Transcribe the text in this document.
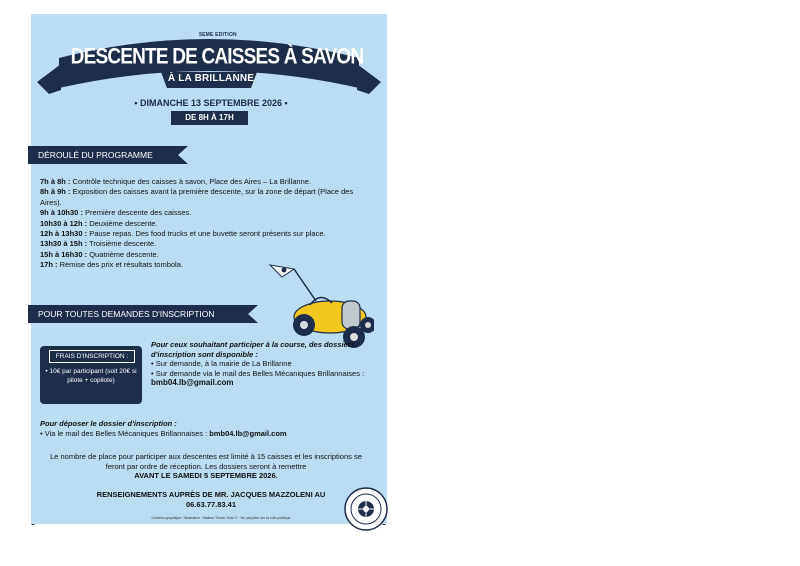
5EME EDITION
DESCENTE DE CAISSES À SAVON
À LA BRILLANNE
• DIMANCHE 13 SEPTEMBRE 2026 •
DE 8H À 17H
DÉROULÉ DU PROGRAMME
7h à 8h : Contrôle technique des caisses à savon, Place des Aires – La Brillanne.
8h à 9h : Exposition des caisses avant la première descente, sur la zone de départ (Place des Aires).
9h à 10h30 : Première descente des caisses.
10h30 à 12h : Deuxième descente.
12h à 13h30 : Pause repas. Des food trucks et une buvette seront présents sur place.
13h30 à 15h : Troisième descente.
15h à 16h30 : Quatrième descente.
17h : Remise des prix et résultats tombola.
POUR TOUTES DEMANDES D'INSCRIPTION
FRAIS D'INSCRIPTION :
• 10€ par participant (soit 20€ si pilote + copilote)
Pour ceux souhaitant participer à la course, des dossiers d'inscription sont disponible :
• Sur demande, à la mairie de La Brillanne
• Sur demande via le mail des Belles Mécaniques Brillannaises :
bmb04.lb@gmail.com
Pour déposer le dossier d'inscription :
• Via le mail des Belles Mécaniques Brillannaises : bmb04.lb@gmail.com
Le nombre de place pour participer aux descentes est limité à 15 caisses et les inscriptions se feront par ordre de réception. Les dossiers seront à remettre
AVANT LE SAMEDI 5 SEPTEMBRE 2026.
RENSEIGNEMENTS AUPRÈS DE MR. JACQUES MAZZOLENI AU
06.63.77.83.41
Création graphique / illustration : Maison Trente-Trois © · Ne pas jeter sur la voie publique
